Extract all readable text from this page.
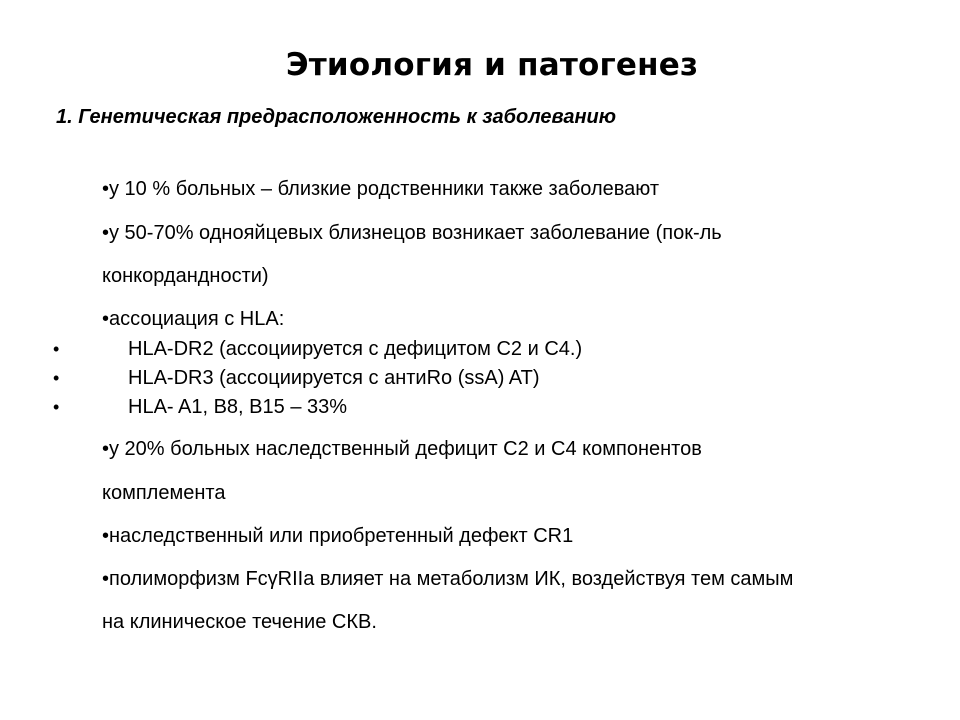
Этиология и патогенез
1. Генетическая предрасположенность к заболеванию
•у 10 % больных – близкие родственники также заболевают
•у 50-70% однояйцевых близнецов возникает заболевание (пок-ль
конкордандности)
•ассоциация с HLA:
•	HLA-DR2 (ассоциируется с дефицитом С2 и С4.)
•	HLA-DR3 (ассоциируется с антиRo (ssA) AT)
•	HLA- A1, B8, B15 – 33%
•у 20% больных наследственный дефицит С2 и С4 компонентов
комплемента
•наследственный или приобретенный дефект CR1
•полиморфизм FcγRIIa влияет на метаболизм ИК, воздействуя тем самым
на клиническое течение СКВ.
